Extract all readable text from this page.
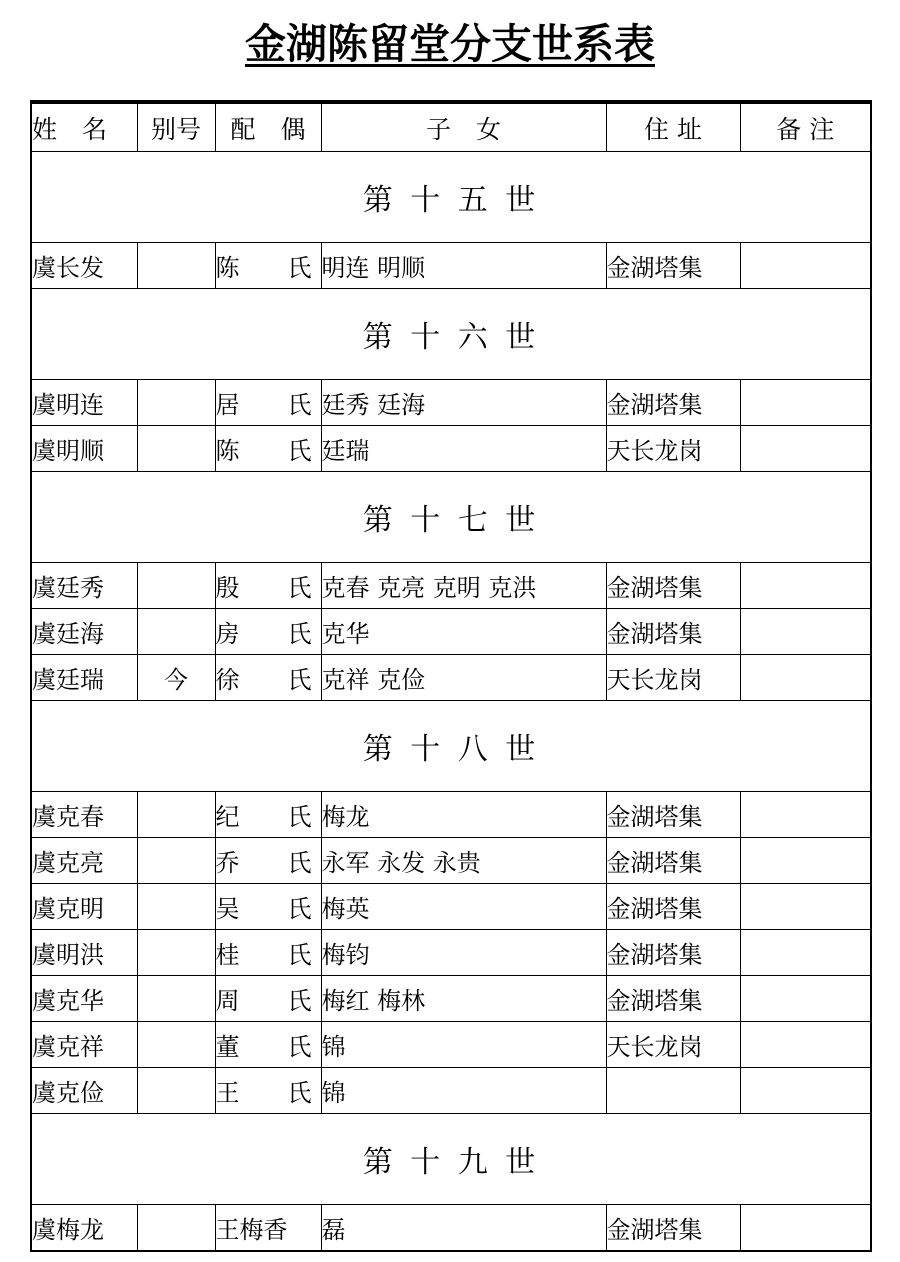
金湖陈留堂分支世系表
姓　名	别号	配　偶	子　女	住 址	备 注
第 十 五 世					
虞长发		陈　　氏	明连 明顺	金湖塔集	
第 十 六 世					
虞明连		居　　氏	廷秀 廷海	金湖塔集	
虞明顺		陈　　氏	廷瑞	天长龙岗	
第 十 七 世					
虞廷秀		殷　　氏	克春 克亮 克明 克洪	金湖塔集	
虞廷海		房　　氏	克华	金湖塔集	
虞廷瑞	今	徐　　氏	克祥 克俭	天长龙岗	
第 十 八 世					
虞克春		纪　　氏	梅龙	金湖塔集	
虞克亮		乔　　氏	永军 永发 永贵	金湖塔集	
虞克明		吴　　氏	梅英	金湖塔集	
虞明洪		桂　　氏	梅钧	金湖塔集	
虞克华		周　　氏	梅红 梅林	金湖塔集	
虞克祥		董　　氏	锦	天长龙岗	
虞克俭		王　　氏	锦		
第 十 九 世					
虞梅龙		王梅香	磊	金湖塔集	
